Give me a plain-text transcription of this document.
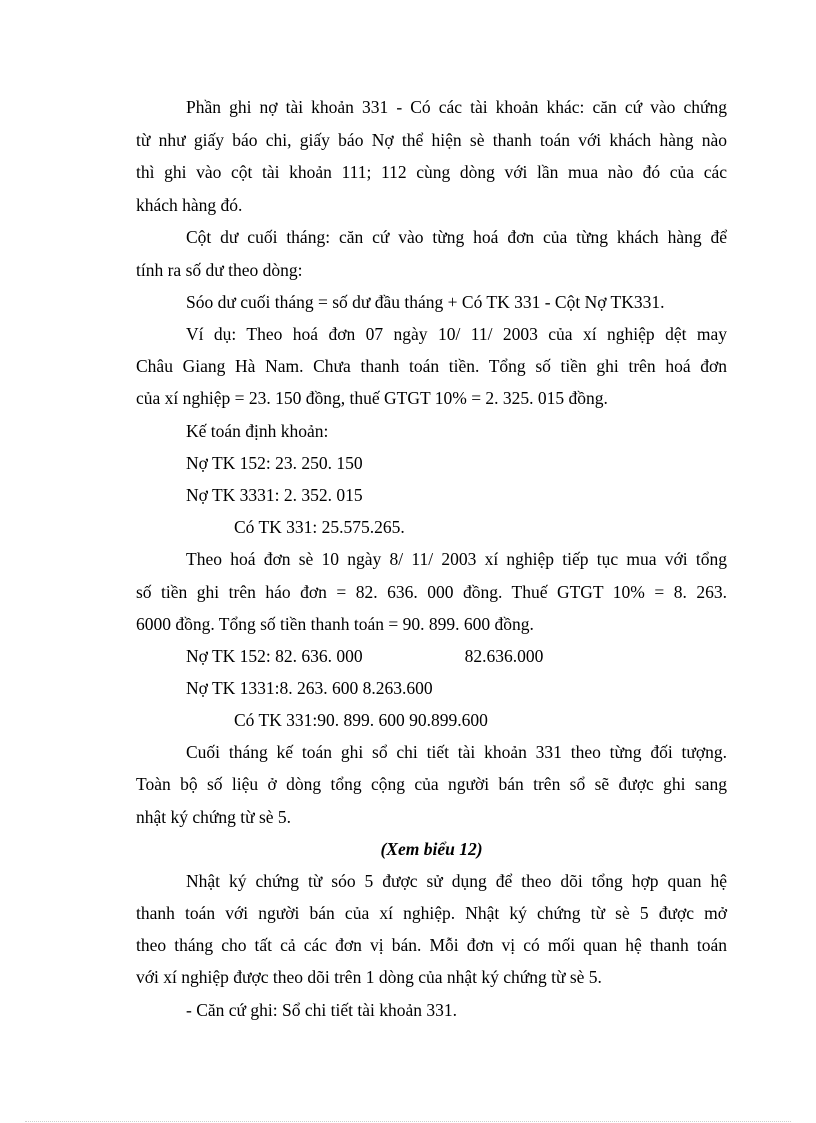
Phần ghi nợ tài khoản 331 - Có các tài khoản khác: căn cứ vào chứng
từ như giấy báo chi, giấy báo Nợ thể hiện sè thanh toán với khách hàng nào
thì ghi vào cột tài khoản 111; 112 cùng dòng với lần mua nào đó của các
khách hàng đó.
Cột dư cuối tháng: căn cứ vào từng hoá đơn của từng khách hàng để
tính ra số dư theo dòng:
Sóo dư cuối tháng = số dư đầu tháng + Có TK 331 - Cột Nợ TK331.
Ví dụ: Theo hoá đơn 07 ngày 10/ 11/ 2003 của xí nghiệp dệt may
Châu Giang Hà Nam. Chưa thanh toán tiền. Tổng số tiền ghi trên hoá đơn
của xí nghiệp = 23. 150 đồng, thuế GTGT 10% = 2. 325. 015 đồng.
Kế toán định khoản:
Nợ TK 152: 23. 250. 150
Nợ TK 3331: 2. 352. 015
Có TK 331: 25.575.265.
Theo hoá đơn sè 10 ngày 8/ 11/ 2003 xí nghiệp tiếp tục mua với tổng
số tiền ghi trên háo đơn = 82. 636. 000 đồng. Thuế GTGT 10% = 8. 263.
6000 đồng. Tổng số tiền thanh toán = 90. 899. 600 đồng.
Nợ TK 152: 82. 636. 000	82.636.000
Nợ TK 1331:8. 263. 600 8.263.600
Có TK 331:90. 899. 600 90.899.600
Cuối tháng kế toán ghi sổ chi tiết tài khoản 331 theo từng đối tượng.
Toàn bộ số liệu ở dòng tổng cộng của người bán trên sổ sẽ được ghi sang
nhật ký chứng từ sè 5.
(Xem biểu 12)
Nhật ký chứng từ sóo 5 được sử dụng để theo dõi tổng hợp quan hệ
thanh toán với người bán của xí nghiệp. Nhật ký chứng từ sè 5 được mở
theo tháng cho tất cả các đơn vị bán. Mỗi đơn vị có mối quan hệ thanh toán
với xí nghiệp được theo dõi trên 1 dòng của nhật ký chứng từ sè 5.
- Căn cứ ghi: Sổ chi tiết tài khoản 331.
